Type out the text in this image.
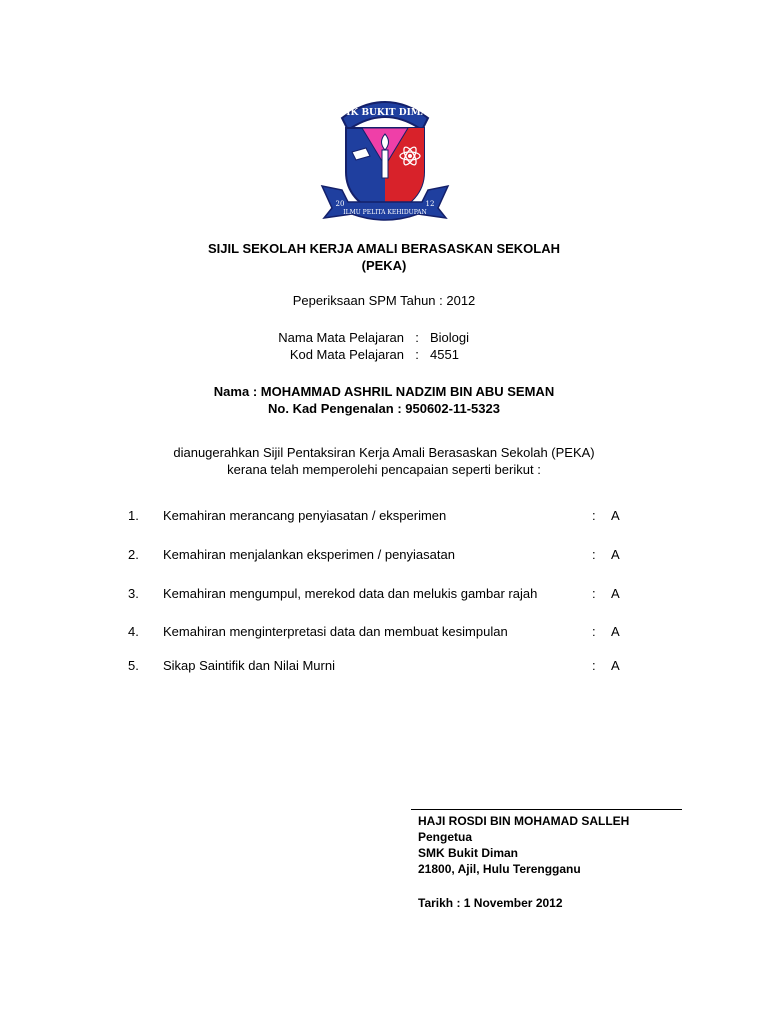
SMK BUKIT DIMAN
20	12
ILMU PELITA KEHIDUPAN
SIJIL SEKOLAH KERJA AMALI BERASASKAN SEKOLAH
(PEKA)
Peperiksaan SPM Tahun : 2012
Nama Mata Pelajaran : Biologi
Kod Mata Pelajaran : 4551
Nama : MOHAMMAD ASHRIL NADZIM BIN ABU SEMAN
No. Kad Pengenalan : 950602-11-5323
dianugerahkan Sijil Pentaksiran Kerja Amali Berasaskan Sekolah (PEKA)
kerana telah memperolehi pencapaian seperti berikut :
1. Kemahiran merancang penyiasatan / eksperimen	: A
2. Kemahiran menjalankan eksperimen / penyiasatan	: A
3. Kemahiran mengumpul, merekod data dan melukis gambar rajah	: A
4. Kemahiran menginterpretasi data dan membuat kesimpulan	: A
5. Sikap Saintifik dan Nilai Murni	: A
HAJI ROSDI BIN MOHAMAD SALLEH
Pengetua
SMK Bukit Diman
21800, Ajil, Hulu Terengganu
Tarikh : 1 November 2012
